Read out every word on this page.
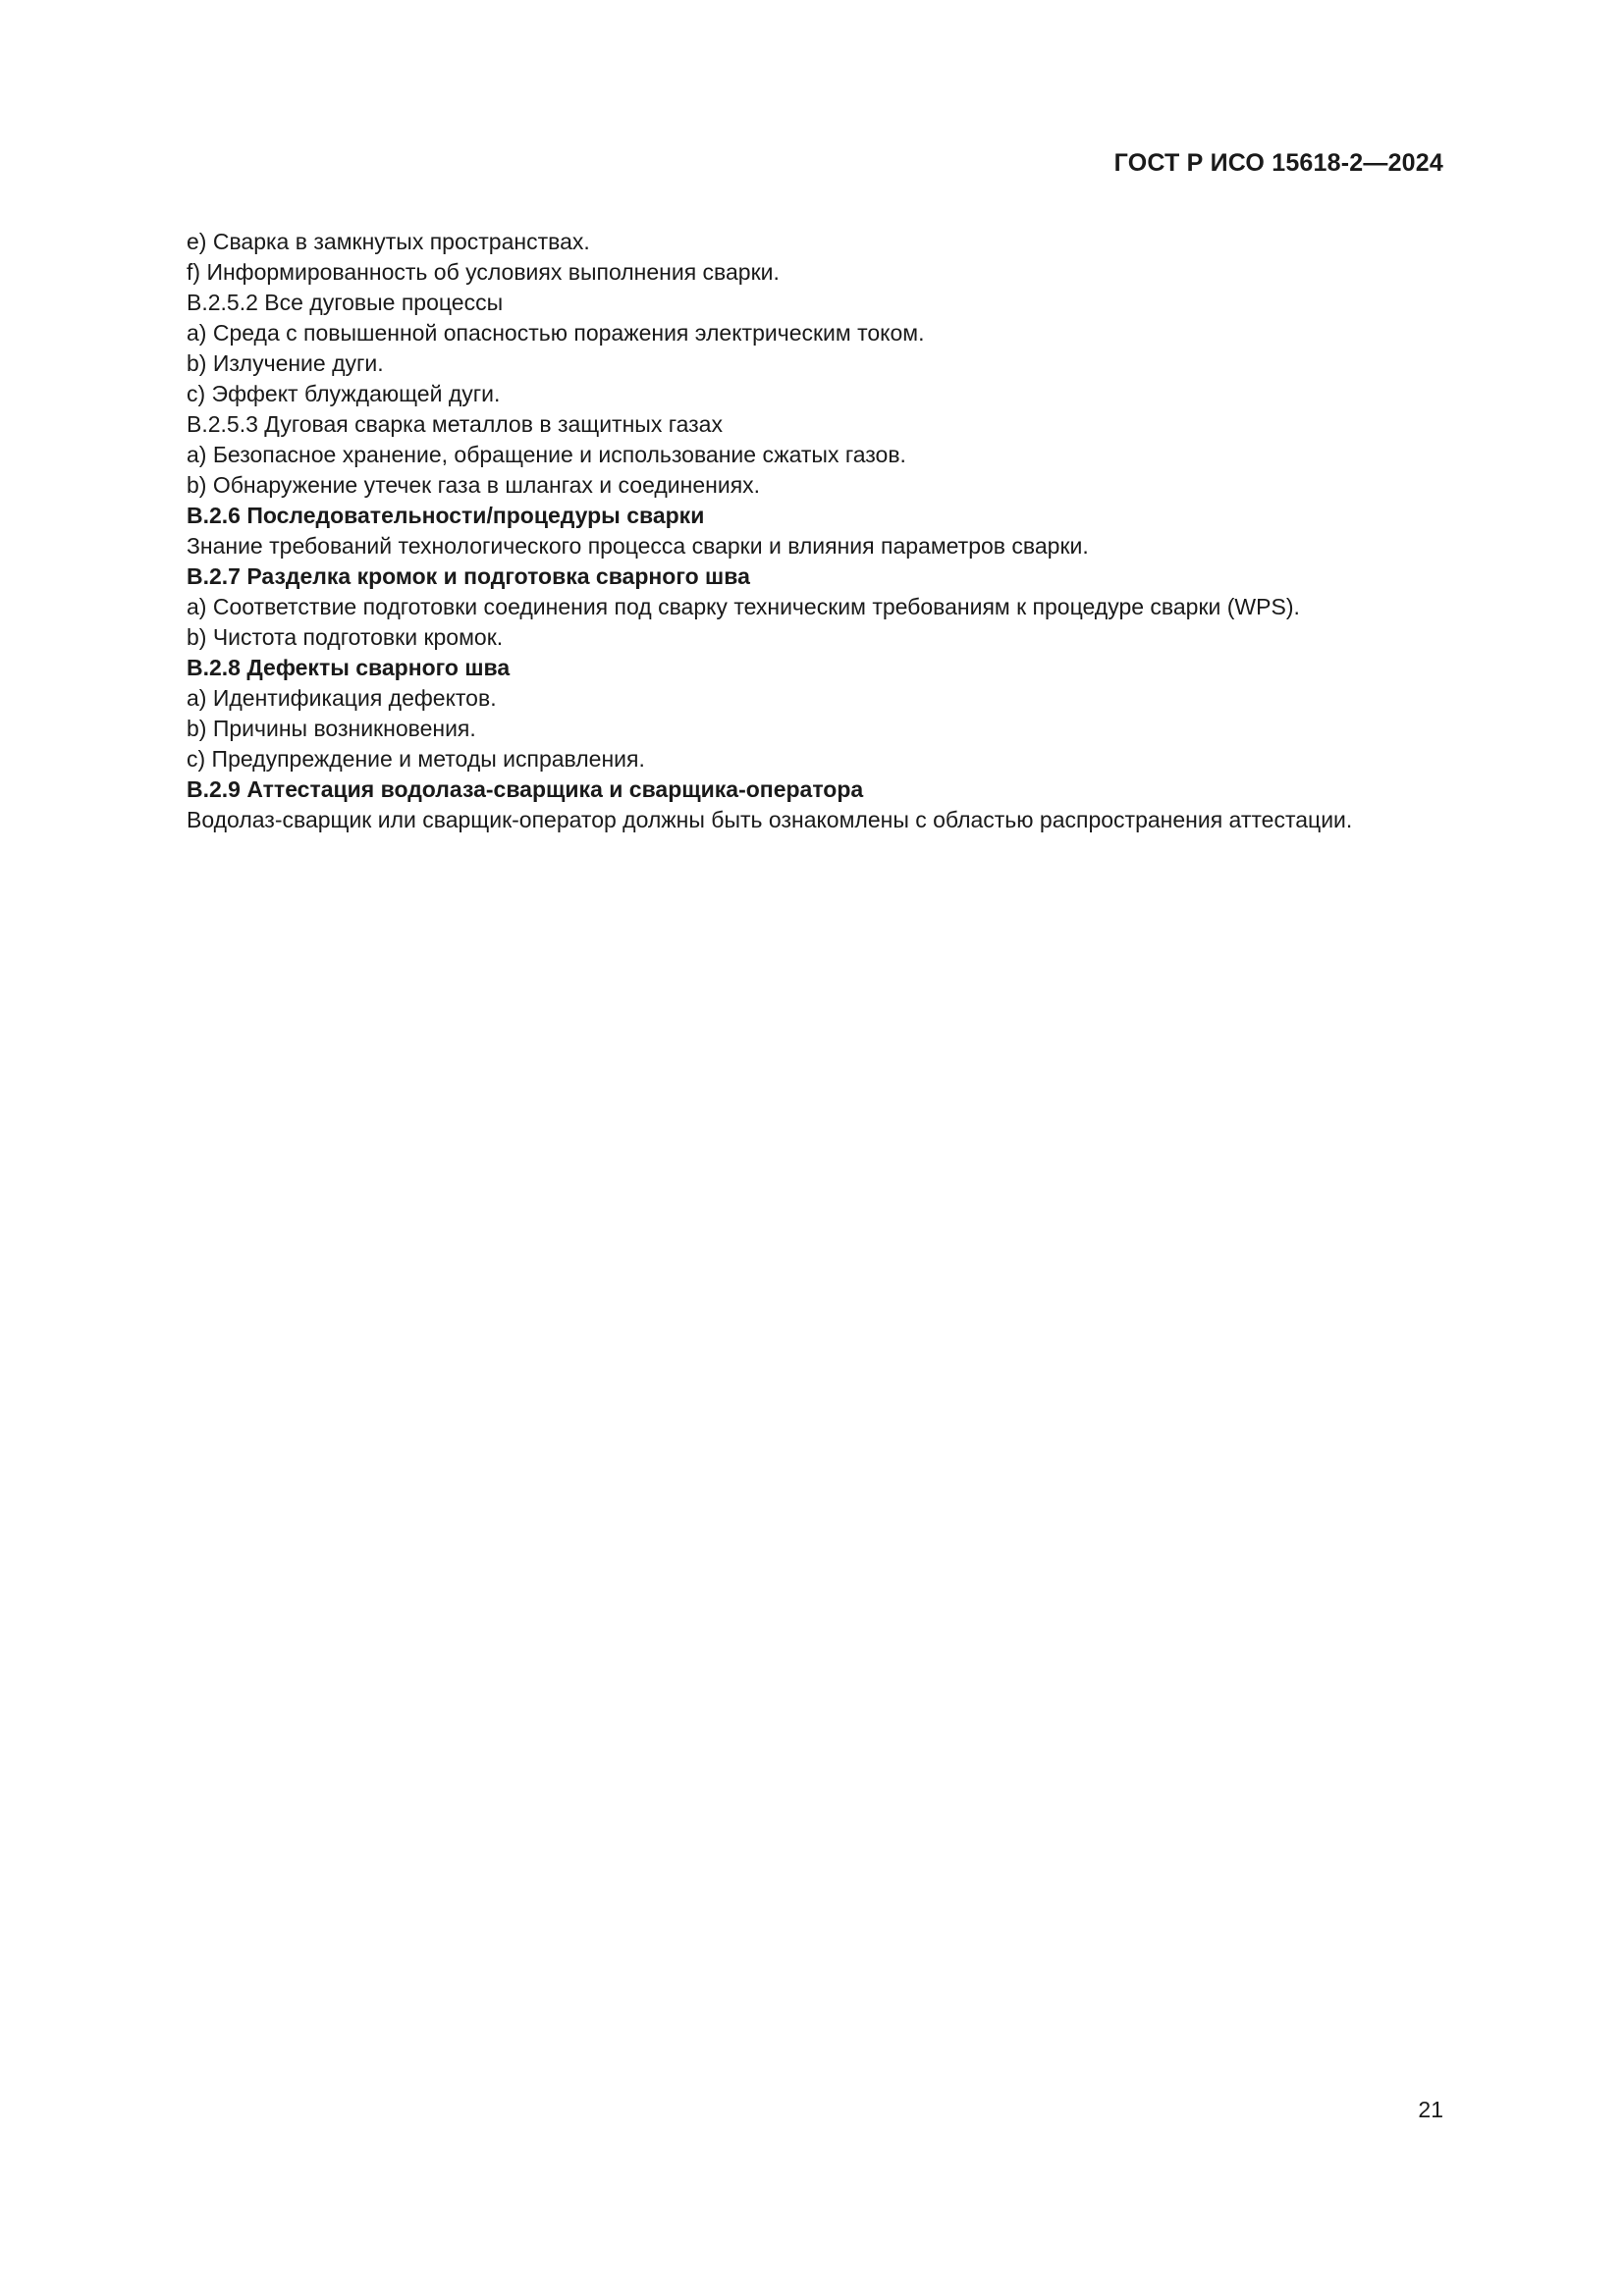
ГОСТ Р ИСО 15618-2—2024
e) Сварка в замкнутых пространствах.
f) Информированность об условиях выполнения сварки.
B.2.5.2 Все дуговые процессы
a) Среда с повышенной опасностью поражения электрическим током.
b) Излучение дуги.
c) Эффект блуждающей дуги.
B.2.5.3 Дуговая сварка металлов в защитных газах
a) Безопасное хранение, обращение и использование сжатых газов.
b) Обнаружение утечек газа в шлангах и соединениях.
B.2.6 Последовательности/процедуры сварки
Знание требований технологического процесса сварки и влияния параметров сварки.
B.2.7 Разделка кромок и подготовка сварного шва
a) Соответствие подготовки соединения под сварку техническим требованиям к процедуре сварки (WPS).
b) Чистота подготовки кромок.
B.2.8 Дефекты сварного шва
a) Идентификация дефектов.
b) Причины возникновения.
c) Предупреждение и методы исправления.
B.2.9 Аттестация водолаза-сварщика и сварщика-оператора
Водолаз-сварщик или сварщик-оператор должны быть ознакомлены с областью распространения аттестации.
21
